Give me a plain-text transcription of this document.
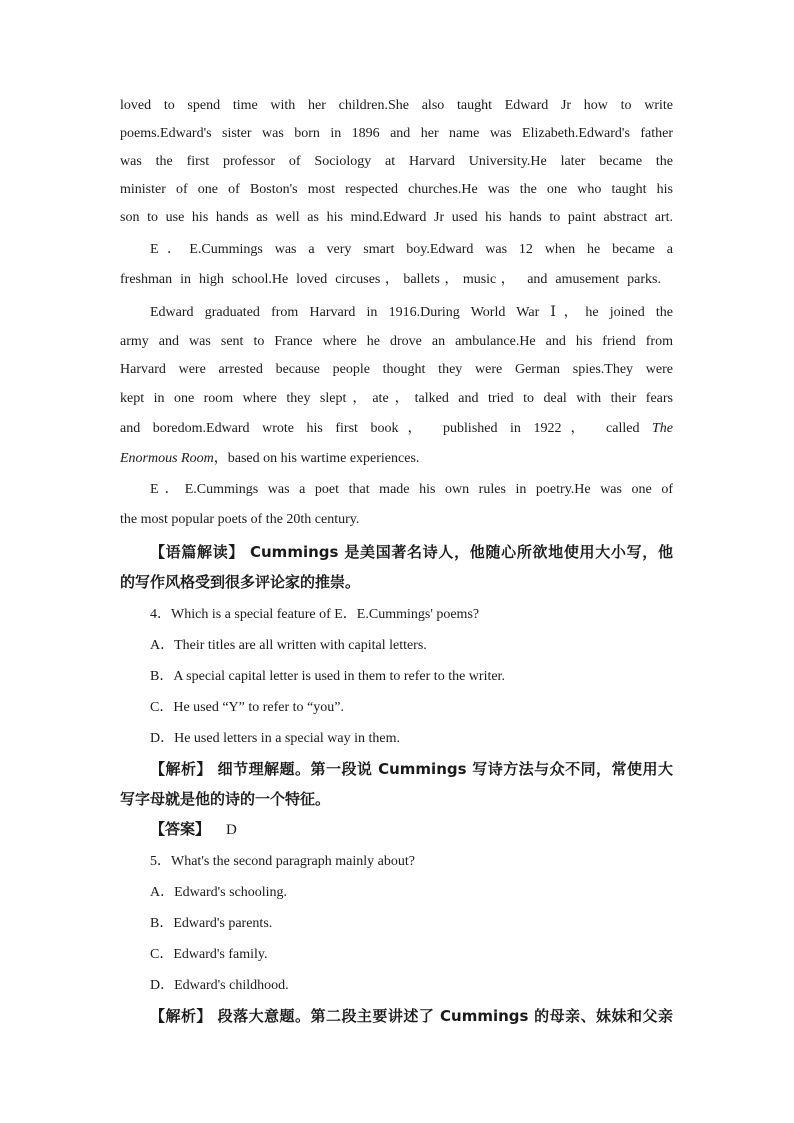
loved to spend time with her children.She also taught Edward Jr how to write

poems.Edward's sister was born in 1896 and her name was Elizabeth.Edward's father

was the first professor of Sociology at Harvard University.He later became the

minister of one of Boston's most respected churches.He was the one who taught his

son to use his hands as well as his mind.Edward Jr used his hands to paint abstract art.

E．E.Cummings was a very smart boy.Edward was 12 when he became a

freshman in high school.He loved circuses，ballets，music， and amusement parks.

Edward graduated from Harvard in 1916.During World War Ⅰ，he joined the

army and was sent to France where he drove an ambulance.He and his friend from

Harvard were arrested because people thought they were German spies.They were

kept in one room where they slept，ate，talked and tried to deal with their fears

and boredom.Edward wrote his first book， published in 1922， called The

Enormous Room，based on his wartime experiences.

E．E.Cummings was a poet that made his own rules in poetry.He was one of

the most popular poets of the 20th century.

【语篇解读】 Cummings 是美国著名诗人，他随心所欲地使用大小写，他

的写作风格受到很多评论家的推崇。

4．Which is a special feature of E．E.Cummings' poems?

A．Their titles are all written with capital letters.

B．A special capital letter is used in them to refer to the writer.

C．He used “Y” to refer to “you”.

D．He used letters in a special way in them.

【解析】 细节理解题。第一段说 Cummings 写诗方法与众不同，常使用大

写字母就是他的诗的一个特征。

【答案】 D

5．What's the second paragraph mainly about?

A．Edward's schooling.

B．Edward's parents.

C．Edward's family.

D．Edward's childhood.

【解析】 段落大意题。第二段主要讲述了 Cummings 的母亲、妹妹和父亲
